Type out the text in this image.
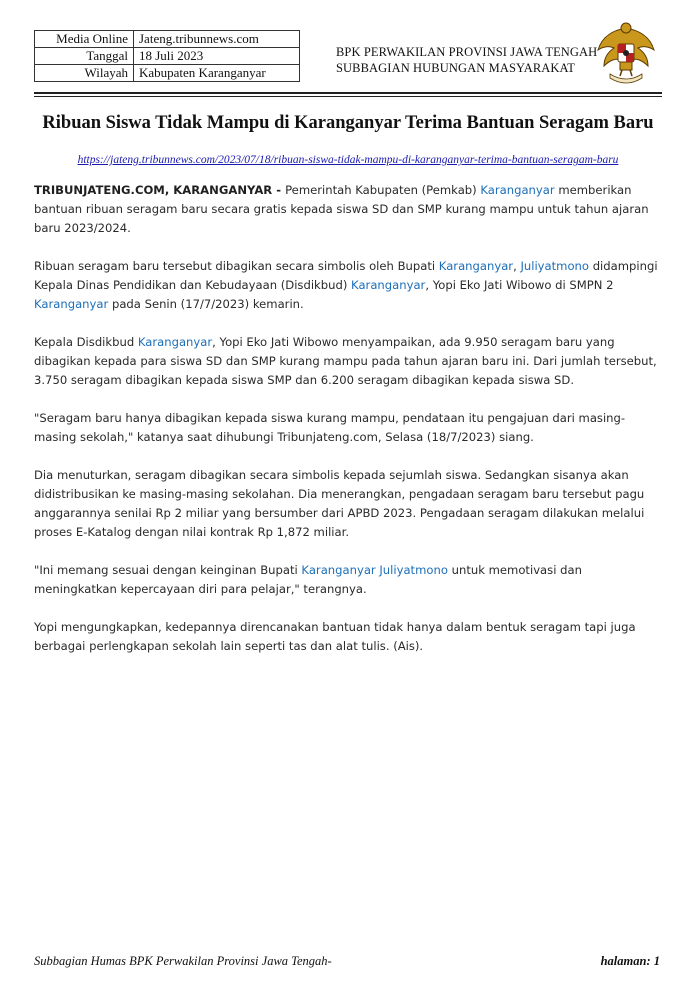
Media Online	Jateng.tribunnews.com
Tanggal	18 Juli 2023
Wilayah	Kabupaten Karanganyar
BPK PERWAKILAN PROVINSI JAWA TENGAH
SUBBAGIAN HUBUNGAN MASYARAKAT
Ribuan Siswa Tidak Mampu di Karanganyar Terima Bantuan Seragam Baru
https://jateng.tribunnews.com/2023/07/18/ribuan-siswa-tidak-mampu-di-karanganyar-terima-bantuan-seragam-baru

TRIBUNJATENG.COM, KARANGANYAR - Pemerintah Kabupaten (Pemkab) Karanganyar memberikan bantuan ribuan seragam baru secara gratis kepada siswa SD dan SMP kurang mampu untuk tahun ajaran baru 2023/2024.

Ribuan seragam baru tersebut dibagikan secara simbolis oleh Bupati Karanganyar, Juliyatmono didampingi Kepala Dinas Pendidikan dan Kebudayaan (Disdikbud) Karanganyar, Yopi Eko Jati Wibowo di SMPN 2 Karanganyar pada Senin (17/7/2023) kemarin.

Kepala Disdikbud Karanganyar, Yopi Eko Jati Wibowo menyampaikan, ada 9.950 seragam baru yang dibagikan kepada para siswa SD dan SMP kurang mampu pada tahun ajaran baru ini. Dari jumlah tersebut, 3.750 seragam dibagikan kepada siswa SMP dan 6.200 seragam dibagikan kepada siswa SD.

"Seragam baru hanya dibagikan kepada siswa kurang mampu, pendataan itu pengajuan dari masing-masing sekolah," katanya saat dihubungi Tribunjateng.com, Selasa (18/7/2023) siang.

Dia menuturkan, seragam dibagikan secara simbolis kepada sejumlah siswa. Sedangkan sisanya akan didistribusikan ke masing-masing sekolahan. Dia menerangkan, pengadaan seragam baru tersebut pagu anggarannya senilai Rp 2 miliar yang bersumber dari APBD 2023. Pengadaan seragam dilakukan melalui proses E-Katalog dengan nilai kontrak Rp 1,872 miliar.

"Ini memang sesuai dengan keinginan Bupati Karanganyar Juliyatmono untuk memotivasi dan meningkatkan kepercayaan diri para pelajar," terangnya.

Yopi mengungkapkan, kedepannya direncanakan bantuan tidak hanya dalam bentuk seragam tapi juga berbagai perlengkapan sekolah lain seperti tas dan alat tulis. (Ais).

Subbagian Humas BPK Perwakilan Provinsi Jawa Tengah-	halaman: 1
